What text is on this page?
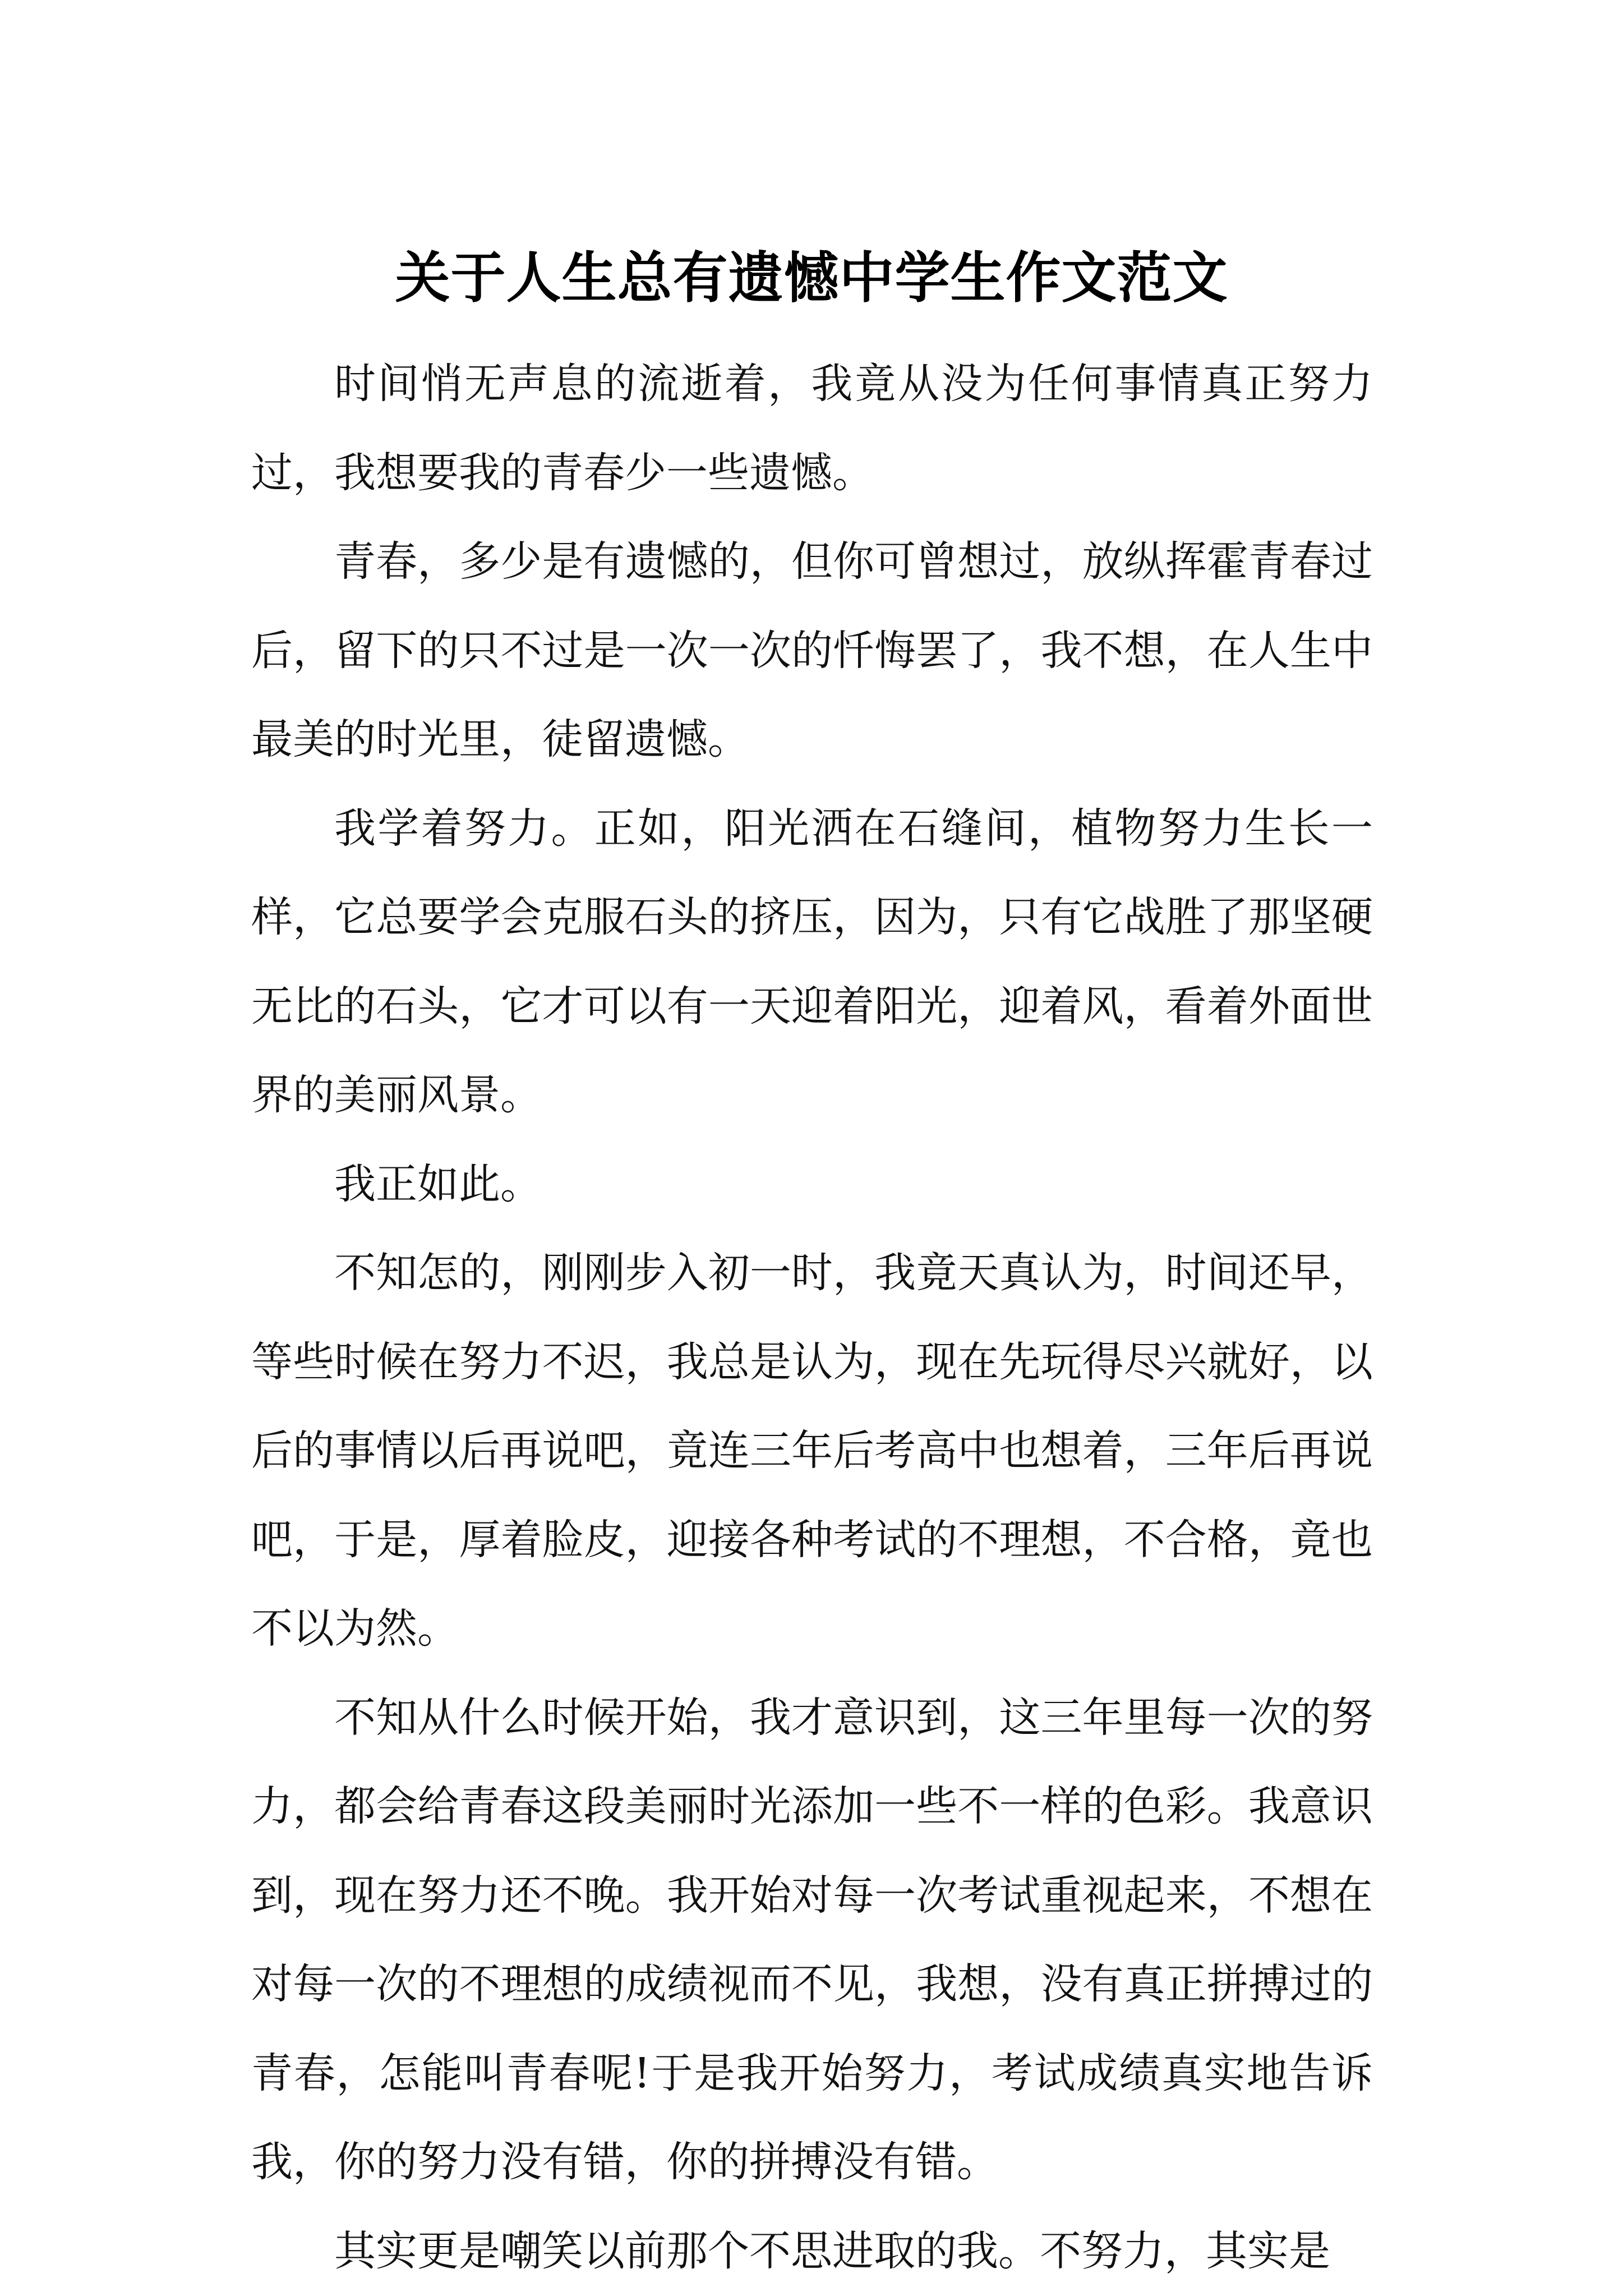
关于人生总有遗憾中学生作文范文

时间悄无声息的流逝着，我竟从没为任何事情真正努力过，我想要我的青春少一些遗憾。

青春，多少是有遗憾的，但你可曾想过，放纵挥霍青春过后，留下的只不过是一次一次的忏悔罢了，我不想，在人生中最美的时光里，徒留遗憾。

我学着努力。正如，阳光洒在石缝间，植物努力生长一样，它总要学会克服石头的挤压，因为，只有它战胜了那坚硬无比的石头，它才可以有一天迎着阳光，迎着风，看着外面世界的美丽风景。

我正如此。

不知怎的，刚刚步入初一时，我竟天真认为，时间还早，等些时候在努力不迟，我总是认为，现在先玩得尽兴就好，以后的事情以后再说吧，竟连三年后考高中也想着，三年后再说吧，于是，厚着脸皮，迎接各种考试的不理想，不合格，竟也不以为然。

不知从什么时候开始，我才意识到，这三年里每一次的努力，都会给青春这段美丽时光添加一些不一样的色彩。我意识到，现在努力还不晚。我开始对每一次考试重视起来，不想在对每一次的不理想的成绩视而不见，我想，没有真正拼搏过的青春，怎能叫青春呢!于是我开始努力，考试成绩真实地告诉我，你的努力没有错，你的拼搏没有错。

其实更是嘲笑以前那个不思进取的我。不努力，其实是
